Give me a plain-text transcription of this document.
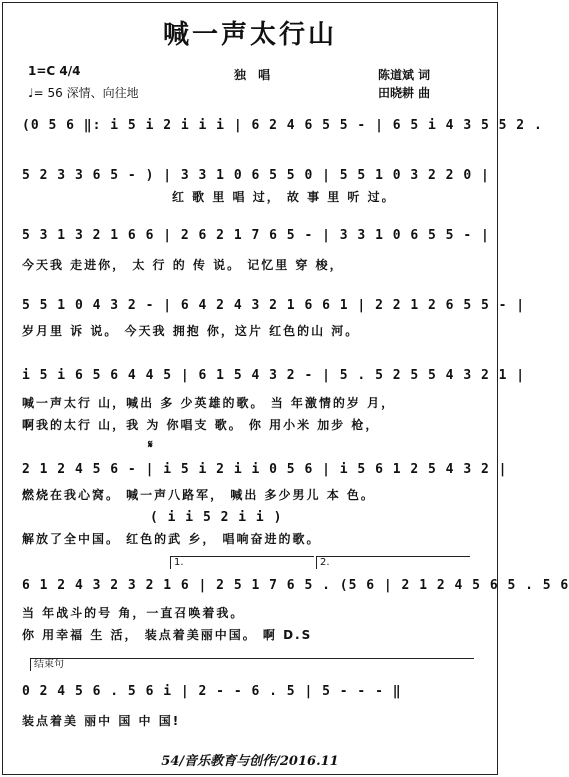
喊一声太行山
1=C 4/4
♩= 56 深情、向往地
独 唱	陈道斌 词
田晓耕 曲
(0 5 6 ‖: i 5 i 2 i i i | 6 2 4 6 5 5 - | 6 5 i 4 3 5 5 2 .
5 2 3 3 6 5 - ) | 3 3 1 0 6 5 5 0 | 5 5 1 0 3 2 2 0 |
红 歌 里 唱 过， 故 事 里 听 过。
5 3 1 3 2 1 6 6 | 2 6 2 1 7 6 5 - | 3 3 1 0 6 5 5 - |
今天我 走进你， 太 行 的 传 说。 记忆里 穿 梭，
5 5 1 0 4 3 2 - | 6 4 2 4 3 2 1 6 6 1 | 2 2 1 2 6 5 5 - |
岁月里 诉 说。 今天我 拥抱 你，这片 红色的山 河。
i 5 i 6 5 6 4 4 5 | 6 1 5 4 3 2 - | 5 . 5 2 5 5 4 3 2 1 |
喊一声太行 山，喊出 多 少英雄的歌。 当 年激情的岁 月，
啊我的太行 山，我 为 你唱支 歌。 你 用小米 加步 枪，
𝄋
2 1 2 4 5 6 - | i 5 i 2 i i 0 5 6 | i 5 6 1 2 5 4 3 2 |
燃烧在我心窝。 喊一声八路军， 喊出 多少男儿 本 色。
( i i 5 2 i i )
解放了全中国。 红色的武 乡， 唱响奋进的歌。
1.	2.
6 1 2 4 3 2 3 2 1 6 | 2 5 1 7 6 5 . (5 6 | 2 1 2 4 5 6 5 . 5 6
当 年战斗的号 角，一直召唤着我。
你 用幸福 生 活， 装点着美丽中国。 啊 D.S
结束句
0 2 4 5 6 . 5 6 i | 2 - - 6 . 5 | 5 - - - ‖
装点着美 丽中 国 中 国!
54/音乐教育与创作/2016.11
